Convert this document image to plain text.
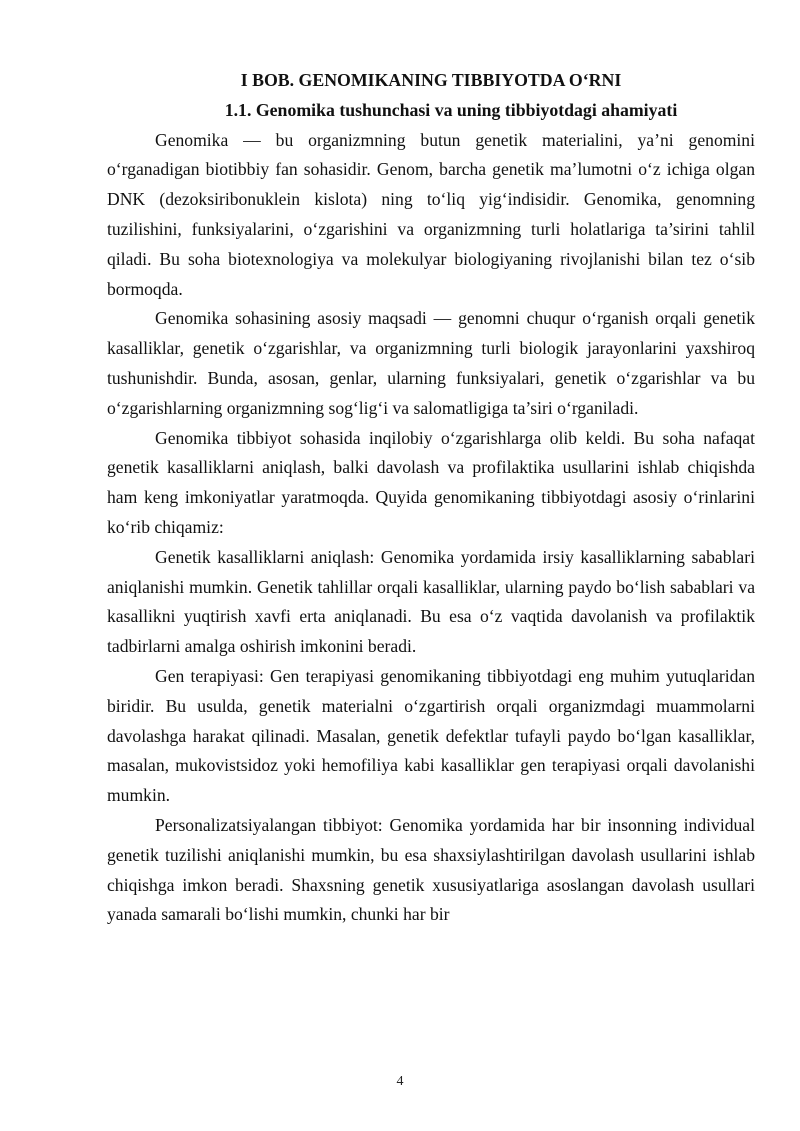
I BOB. GENOMIKANING TIBBIYOTDA O‘RNI

1.1. Genomika tushunchasi va uning tibbiyotdagi ahamiyati

Genomika — bu organizmning butun genetik materialini, ya’ni genomini o‘rganadigan biotibbiy fan sohasidir. Genom, barcha genetik ma’lumotni o‘z ichiga olgan DNK (dezoksiribonuklein kislota) ning to‘liq yig‘indisidir. Genomika, genomning tuzilishini, funksiyalarini, o‘zgarishini va organizmning turli holatlariga ta’sirini tahlil qiladi. Bu soha biotexnologiya va molekulyar biologiyaning rivojlanishi bilan tez o‘sib bormoqda.

Genomika sohasining asosiy maqsadi — genomni chuqur o‘rganish orqali genetik kasalliklar, genetik o‘zgarishlar, va organizmning turli biologik jarayonlarini yaxshiroq tushunishdir. Bunda, asosan, genlar, ularning funksiyalari, genetik o‘zgarishlar va bu o‘zgarishlarning organizmning sog‘lig‘i va salomatligiga ta’siri o‘rganiladi.

Genomika tibbiyot sohasida inqilobiy o‘zgarishlarga olib keldi. Bu soha nafaqat genetik kasalliklarni aniqlash, balki davolash va profilaktika usullarini ishlab chiqishda ham keng imkoniyatlar yaratmoqda. Quyida genomikaning tibbiyotdagi asosiy o‘rinlarini ko‘rib chiqamiz:

Genetik kasalliklarni aniqlash: Genomika yordamida irsiy kasalliklarning sabablari aniqlanishi mumkin. Genetik tahlillar orqali kasalliklar, ularning paydo bo‘lish sabablari va kasallikni yuqtirish xavfi erta aniqlanadi. Bu esa o‘z vaqtida davolanish va profilaktik tadbirlarni amalga oshirish imkonini beradi.

Gen terapiyasi: Gen terapiyasi genomikaning tibbiyotdagi eng muhim yutuqlaridan biridir. Bu usulda, genetik materialni o‘zgartirish orqali organizmdagi muammolarni davolashga harakat qilinadi. Masalan, genetik defektlar tufayli paydo bo‘lgan kasalliklar, masalan, mukovistsidoz yoki hemofiliya kabi kasalliklar gen terapiyasi orqali davolanishi mumkin.

Personalizatsiyalangan tibbiyot: Genomika yordamida har bir insonning individual genetik tuzilishi aniqlanishi mumkin, bu esa shaxsiylashtirilgan davolash usullarini ishlab chiqishga imkon beradi. Shaxsning genetik xususiyatlariga asoslangan davolash usullari yanada samarali bo‘lishi mumkin, chunki har bir

4
